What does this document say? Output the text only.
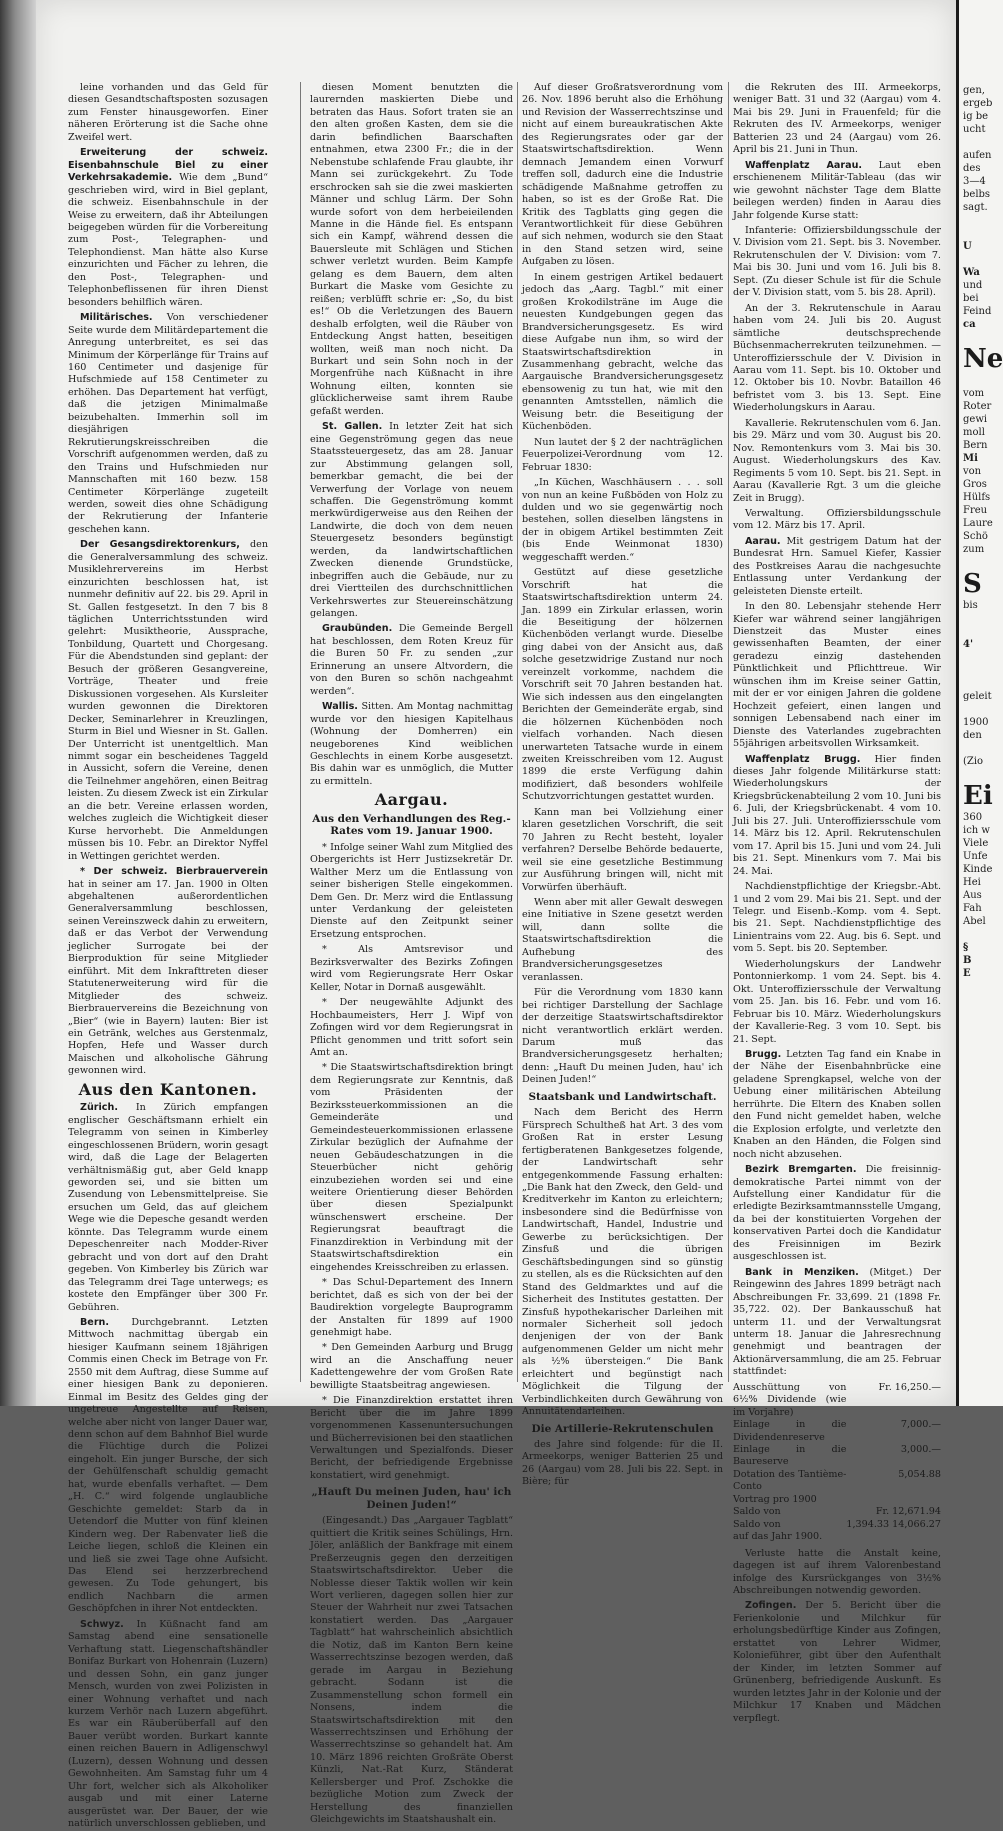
leine vorhanden und das Geld für diesen Gesandtschaftsposten sozusagen zum Fenster hinausgeworfen. Einer näheren Erörterung ist die Sache ohne Zweifel wert.

Erweiterung der schweiz. Eisenbahnschule Biel zu einer Verkehrsakademie. Wie dem „Bund“ geschrieben wird, wird in Biel geplant, die schweiz. Eisenbahnschule in der Weise zu erweitern, daß ihr Abteilungen beigegeben würden für die Vorbereitung zum Post-, Telegraphen- und Telephondienst. Man hätte also Kurse einzurichten und Fächer zu lehren, die den Post-, Telegraphen- und Telephonbeflissenen für ihren Dienst besonders behilflich wären.

Militärisches. Von verschiedener Seite wurde dem Militärdepartement die Anregung unterbreitet, es sei das Minimum der Körperlänge für Trains auf 160 Centimeter und dasjenige für Hufschmiede auf 158 Centimeter zu erhöhen. Das Departement hat verfügt, daß die jetzigen Minimalmaße beizubehalten. Immerhin soll im diesjährigen Rekrutierungskreisschreiben die Vorschrift aufgenommen werden, daß zu den Trains und Hufschmieden nur Mannschaften mit 160 bezw. 158 Centimeter Körperlänge zugeteilt werden, soweit dies ohne Schädigung der Rekrutierung der Infanterie geschehen kann.

Der Gesangsdirektorenkurs, den die Generalversammlung des schweiz. Musiklehrervereins im Herbst einzurichten beschlossen hat, ist nunmehr definitiv auf 22. bis 29. April in St. Gallen festgesetzt. In den 7 bis 8 täglichen Unterrichtsstunden wird gelehrt: Musiktheorie, Aussprache, Tonbildung, Quartett und Chorgesang. Für die Abendstunden sind geplant: der Besuch der größeren Gesangvereine, Vorträge, Theater und freie Diskussionen vorgesehen. Als Kursleiter wurden gewonnen die Direktoren Decker, Seminarlehrer in Kreuzlingen, Sturm in Biel und Wiesner in St. Gallen. Der Unterricht ist unentgeltlich. Man nimmt sogar ein bescheidenes Taggeld in Aussicht, sofern die Vereine, denen die Teilnehmer angehören, einen Beitrag leisten. Zu diesem Zweck ist ein Zirkular an die betr. Vereine erlassen worden, welches zugleich die Wichtigkeit dieser Kurse hervorhebt. Die Anmeldungen müssen bis 10. Febr. an Direktor Nyffel in Wettingen gerichtet werden.

* Der schweiz. Bierbrauerverein hat in seiner am 17. Jan. 1900 in Olten abgehaltenen außerordentlichen Generalversammlung beschlossen, seinen Vereinszweck dahin zu erweitern, daß er das Verbot der Verwendung jeglicher Surrogate bei der Bierproduktion für seine Mitglieder einführt. Mit dem Inkrafttreten dieser Statutenerweiterung wird für die Mitglieder des schweiz. Bierbrauervereins die Bezeichnung von „Bier“ (wie in Bayern) lauten: Bier ist ein Getränk, welches aus Gerstenmalz, Hopfen, Hefe und Wasser durch Maischen und alkoholische Gährung gewonnen wird.

Aus den Kantonen.

Zürich. In Zürich empfangen englischer Geschäftsmann erhielt ein Telegramm von seinen in Kimberley eingeschlossenen Brüdern, worin gesagt wird, daß die Lage der Belagerten verhältnismäßig gut, aber Geld knapp geworden sei, und sie bitten um Zusendung von Lebensmittelpreise. Sie ersuchen um Geld, das auf gleichem Wege wie die Depesche gesandt werden könnte. Das Telegramm wurde einem Depeschenreiter nach Modder-River gebracht und von dort auf den Draht gegeben. Von Kimberley bis Zürich war das Telegramm drei Tage unterwegs; es kostete den Empfänger über 300 Fr. Gebühren.

Bern. Durchgebrannt. Letzten Mittwoch nachmittag übergab ein hiesiger Kaufmann seinem 18jährigen Commis einen Check im Betrage von Fr. 2550 mit dem Auftrag, diese Summe auf einer hiesigen Bank zu deponieren. Einmal im Besitz des Geldes ging der ungetreue Angestellte auf Reisen, welche aber nicht von langer Dauer war, denn schon auf dem Bahnhof Biel wurde die Flüchtige durch die Polizei eingeholt. Ein junger Bursche, der sich der Gehülfenschaft schuldig gemacht hat, wurde ebenfalls verhaftet. — Dem „H. C.“ wird folgende unglaubliche Geschichte gemeldet: Starb da in Uetendorf die Mutter von fünf kleinen Kindern weg. Der Rabenvater ließ die Leiche liegen, schloß die Kleinen ein und ließ sie zwei Tage ohne Aufsicht. Das Elend sei herzzerbrechend gewesen. Zu Tode gehungert, bis endlich Nachbarn die armen Geschöpfchen in ihrer Not entdeckten.

Schwyz. In Küßnacht fand am Samstag abend eine sensationelle Verhaftung statt. Liegenschaftshändler Bonifaz Burkart von Hohenrain (Luzern) und dessen Sohn, ein ganz junger Mensch, wurden von zwei Polizisten in einer Wohnung verhaftet und nach kurzem Verhör nach Luzern abgeführt. Es war ein Räuberüberfall auf den Bauer verübt worden. Burkart kannte einen reichen Bauern in Adligenschwyl (Luzern), dessen Wohnung und dessen Gewohnheiten. Am Samstag fuhr um 4 Uhr fort, welcher sich als Alkoholiker ausgab und mit einer Laterne ausgerüstet war. Der Bauer, der wie natürlich unverschlossen geblieben, und

diesen Moment benutzten die laurernden maskierten Diebe und betraten das Haus. Sofort traten sie an den alten großen Kasten, dem sie die darin befindlichen Baarschaften entnahmen, etwa 2300 Fr.; die in der Nebenstube schlafende Frau glaubte, ihr Mann sei zurückgekehrt. Zu Tode erschrocken sah sie die zwei maskierten Männer und schlug Lärm. Der Sohn wurde sofort von dem herbeieilenden Manne in die Hände fiel. Es entspann sich ein Kampf, während dessen die Bauersleute mit Schlägen und Stichen schwer verletzt wurden. Beim Kampfe gelang es dem Bauern, dem alten Burkart die Maske vom Gesichte zu reißen; verblüfft schrie er: „So, du bist es!“ Ob die Verletzungen des Bauern deshalb erfolgten, weil die Räuber von Entdeckung Angst hatten, beseitigen wollten, weiß man noch nicht. Da Burkart und sein Sohn noch in der Morgenfrühe nach Küßnacht in ihre Wohnung eilten, konnten sie glücklicherweise samt ihrem Raube gefaßt werden.

St. Gallen. In letzter Zeit hat sich eine Gegenströmung gegen das neue Staatssteuergesetz, das am 28. Januar zur Abstimmung gelangen soll, bemerkbar gemacht, die bei der Verwerfung der Vorlage von neuem schaffen. Die Gegenströmung kommt merkwürdigerweise aus den Reihen der Landwirte, die doch von dem neuen Steuergesetz besonders begünstigt werden, da landwirtschaftlichen Zwecken dienende Grundstücke, inbegriffen auch die Gebäude, nur zu drei Viertteilen des durchschnittlichen Verkehrswertes zur Steuereinschätzung gelangen.

Graubünden. Die Gemeinde Bergell hat beschlossen, dem Roten Kreuz für die Buren 50 Fr. zu senden „zur Erinnerung an unsere Altvordern, die von den Buren so schön nachgeahmt werden“.

Wallis. Sitten. Am Montag nachmittag wurde vor den hiesigen Kapitelhaus (Wohnung der Domherren) ein neugeborenes Kind weiblichen Geschlechts in einem Korbe ausgesetzt. Bis dahin war es unmöglich, die Mutter zu ermitteln.

Aargau.
Aus den Verhandlungen des Reg.-Rates vom 19. Januar 1900.

* Infolge seiner Wahl zum Mitglied des Obergerichts ist Herr Justizsekretär Dr. Walther Merz um die Entlassung von seiner bisherigen Stelle eingekommen. Dem Gen. Dr. Merz wird die Entlassung unter Verdankung der geleisteten Dienste auf den Zeitpunkt seiner Ersetzung entsprochen.

* Als Amtsrevisor und Bezirksverwalter des Bezirks Zofingen wird vom Regierungsrate Herr Oskar Keller, Notar in Dornaß ausgewählt.

* Der neugewählte Adjunkt des Hochbaumeisters, Herr J. Wipf von Zofingen wird vor dem Regierungsrat in Pflicht genommen und tritt sofort sein Amt an.

* Die Staatswirtschaftsdirektion bringt dem Regierungsrate zur Kenntnis, daß vom Präsidenten der Bezirkssteuerkommissionen an die Gemeinderäte und Gemeindesteuerkommissionen erlassene Zirkular bezüglich der Aufnahme der neuen Gebäudeschatzungen in die Steuerbücher nicht gehörig einzubeziehen worden sei und eine weitere Orientierung dieser Behörden über diesen Spezialpunkt wünschenswert erscheine. Der Regierungsrat beauftragt die Finanzdirektion in Verbindung mit der Staatswirtschaftsdirektion ein eingehendes Kreisschreiben zu erlassen.

* Das Schul-Departement des Innern berichtet, daß es sich von der bei der Baudirektion vorgelegte Bauprogramm der Anstalten für 1899 auf 1900 genehmigt habe.

* Den Gemeinden Aarburg und Brugg wird an die Anschaffung neuer Kadettengewehre der vom Großen Rate bewilligte Staatsbeitrag angewiesen.

* Die Finanzdirektion erstattet ihren Bericht über die im Jahre 1899 vorgenommenen Kassenuntersuchungen und Bücherrevisionen bei den staatlichen Verwaltungen und Spezialfonds. Dieser Bericht, der befriedigende Ergebnisse konstatiert, wird genehmigt.

„Hauft Du meinen Juden, hau' ich Deinen Juden!“

(Eingesandt.) Das „Aargauer Tagblatt“ quittiert die Kritik seines Schülings, Hrn. Jöler, anläßlich der Bankfrage mit einem Preßerzeugnis gegen den derzeitigen Staatswirtschaftsdirektor. Ueber die Noblesse dieser Taktik wollen wir kein Wort verlieren, dagegen sollen hier zur Steuer der Wahrheit nur zwei Tatsachen konstatiert werden. Das „Aargauer Tagblatt“ hat wahrscheinlich absichtlich die Notiz, daß im Kanton Bern keine Wasserrechtszinse bezogen werden, daß gerade im Aargau in Beziehung gebracht. Sodann ist die Zusammenstellung schon formell ein Nonsens, indem die Staatswirtschaftsdirektion mit den Wasserrechtszinsen und Erhöhung der Wasserrechtszinse so gehandelt hat. Am 10. März 1896 reichten Großräte Oberst Künzli, Nat.-Rat Kurz, Ständerat Kellersberger und Prof. Zschokke die bezügliche Motion zum Zweck der Herstellung des finanziellen Gleichgewichts im Staatshaushalt ein.

Auf dieser Großratsverordnung vom 26. Nov. 1896 beruht also die Erhöhung und Revision der Wasserrechtszinse und nicht auf einem bureaukratischen Akte des Regierungsrates oder gar der Staatswirtschaftsdirektion. Wenn demnach Jemandem einen Vorwurf treffen soll, dadurch eine die Industrie schädigende Maßnahme getroffen zu haben, so ist es der Große Rat. Die Kritik des Tagblatts ging gegen die Verantwortlichkeit für diese Gebühren auf sich nehmen, wodurch sie den Staat in den Stand setzen wird, seine Aufgaben zu lösen.

In einem gestrigen Artikel bedauert jedoch das „Aarg. Tagbl.“ mit einer großen Krokodilsträne im Auge die neuesten Kundgebungen gegen das Brandversicherungsgesetz. Es wird diese Aufgabe nun ihm, so wird der Staatswirtschaftsdirektion in Zusammenhang gebracht, welche das Aargauische Brandversicherungsgesetz ebensowenig zu tun hat, wie mit den genannten Amtsstellen, nämlich die Weisung betr. die Beseitigung der Küchenböden.

Nun lautet der § 2 der nachträglichen Feuerpolizei-Verordnung vom 12. Februar 1830:

„In Küchen, Waschhäusern . . . soll von nun an keine Fußböden von Holz zu dulden und wo sie gegenwärtig noch bestehen, sollen dieselben längstens in der in obigem Artikel bestimmten Zeit (bis Ende Weinmonat 1830) weggeschafft werden.“

Gestützt auf diese gesetzliche Vorschrift hat die Staatswirtschaftsdirektion unterm 24. Jan. 1899 ein Zirkular erlassen, worin die Beseitigung der hölzernen Küchenböden verlangt wurde. Dieselbe ging dabei von der Ansicht aus, daß solche gesetzwidrige Zustand nur noch vereinzelt vorkomme, nachdem die Vorschrift seit 70 Jahren bestanden hat. Wie sich indessen aus den eingelangten Berichten der Gemeinderäte ergab, sind die hölzernen Küchenböden noch vielfach vorhanden. Nach diesen unerwarteten Tatsache wurde in einem zweiten Kreisschreiben vom 12. August 1899 die erste Verfügung dahin modifiziert, daß besonders wohlfeile Schutzvorrichtungen gestattet wurden.

Kann man bei Vollziehung einer klaren gesetzlichen Vorschrift, die seit 70 Jahren zu Recht besteht, loyaler verfahren? Derselbe Behörde bedauerte, weil sie eine gesetzliche Bestimmung zur Ausführung bringen will, nicht mit Vorwürfen überhäuft.

Wenn aber mit aller Gewalt deswegen eine Initiative in Szene gesetzt werden will, dann sollte die Staatswirtschaftsdirektion die Aufhebung des Brandversicherungsgesetzes veranlassen.

Für die Verordnung vom 1830 kann bei richtiger Darstellung der Sachlage der derzeitige Staatswirtschaftsdirektor nicht verantwortlich erklärt werden. Darum muß das Brandversicherungsgesetz herhalten; denn: „Hauft Du meinen Juden, hau' ich Deinen Juden!“

Staatsbank und Landwirtschaft.

Nach dem Bericht des Herrn Fürsprech Schultheß hat Art. 3 des vom Großen Rat in erster Lesung fertigberatenen Bankgesetzes folgende, der Landwirtschaft sehr entgegenkommende Fassung erhalten: „Die Bank hat den Zweck, den Geld- und Kreditverkehr im Kanton zu erleichtern; insbesondere sind die Bedürfnisse von Landwirtschaft, Handel, Industrie und Gewerbe zu berücksichtigen. Der Zinsfuß und die übrigen Geschäftsbedingungen sind so günstig zu stellen, als es die Rücksichten auf den Stand des Geldmarktes und auf die Sicherheit des Institutes gestatten. Der Zinsfuß hypothekarischer Darleihen mit normaler Sicherheit soll jedoch denjenigen der von der Bank aufgenommenen Gelder um nicht mehr als ½% übersteigen.“ Die Bank erleichtert und begünstigt nach Möglichkeit die Tilgung der Verbindlichkeiten durch Gewährung von Annuitätendarleihen.

Die Artillerie-Rekrutenschulen

des Jahre sind folgende: für die II. Armeekorps, weniger Batterien 25 und 26 (Aargau) vom 28. Juli bis 22. Sept. in Bière; für

die Rekruten des III. Armeekorps, weniger Batt. 31 und 32 (Aargau) vom 4. Mai bis 29. Juni in Frauenfeld; für die Rekruten des IV. Armeekorps, weniger Batterien 23 und 24 (Aargau) vom 26. April bis 21. Juni in Thun.

Waffenplatz Aarau. Laut eben erschienenem Militär-Tableau (das wir wie gewohnt nächster Tage dem Blatte beilegen werden) finden in Aarau dies Jahr folgende Kurse statt:

Infanterie: Offiziersbildungsschule der V. Division vom 21. Sept. bis 3. November. Rekrutenschulen der V. Division: vom 7. Mai bis 30. Juni und vom 16. Juli bis 8. Sept. (Zu dieser Schule ist für die Schule der V. Division statt, vom 5. bis 28. April).

An der 3. Rekrutenschule in Aarau haben vom 24. Juli bis 20. August sämtliche deutschsprechende Büchsenmacherrekruten teilzunehmen. — Unteroffiziersschule der V. Division in Aarau vom 11. Sept. bis 10. Oktober und 12. Oktober bis 10. Novbr. Bataillon 46 befristet vom 3. bis 13. Sept. Eine Wiederholungskurs in Aarau.

Kavallerie. Rekrutenschulen vom 6. Jan. bis 29. März und vom 30. August bis 20. Nov. Remontenkurs vom 3. Mai bis 30. August. Wiederholungskurs des Kav. Regiments 5 vom 10. Sept. bis 21. Sept. in Aarau (Kavallerie Rgt. 3 um die gleiche Zeit in Brugg).

Verwaltung. Offiziersbildungsschule vom 12. März bis 17. April.

Aarau. Mit gestrigem Datum hat der Bundesrat Hrn. Samuel Kiefer, Kassier des Postkreises Aarau die nachgesuchte Entlassung unter Verdankung der geleisteten Dienste erteilt.

In den 80. Lebensjahr stehende Herr Kiefer war während seiner langjährigen Dienstzeit das Muster eines gewissenhaften Beamten, der einer geradezu einzig dastehenden Pünktlichkeit und Pflichttreue. Wir wünschen ihm im Kreise seiner Gattin, mit der er vor einigen Jahren die goldene Hochzeit gefeiert, einen langen und sonnigen Lebensabend nach einer im Dienste des Vaterlandes zugebrachten 55jährigen arbeitsvollen Wirksamkeit.

Waffenplatz Brugg. Hier finden dieses Jahr folgende Militärkurse statt: Wiederholungskurs der Kriegsbrückenabteilung 2 vom 10. Juni bis 6. Juli, der Kriegsbrückenabt. 4 vom 10. Juli bis 27. Juli. Unteroffiziersschule vom 14. März bis 12. April. Rekrutenschulen vom 17. April bis 15. Juni und vom 24. Juli bis 21. Sept. Minenkurs vom 7. Mai bis 24. Mai.

Nachdienstpflichtige der Kriegsbr.-Abt. 1 und 2 vom 29. Mai bis 21. Sept. und der Telegr. und Eisenb.-Komp. vom 4. Sept. bis 21. Sept. Nachdienstpflichtige des Linientrains vom 22. Aug. bis 6. Sept. und vom 5. Sept. bis 20. September.

Wiederholungskurs der Landwehr Pontonnierkomp. 1 vom 24. Sept. bis 4. Okt. Unteroffiziersschule der Verwaltung vom 25. Jan. bis 16. Febr. und vom 16. Februar bis 10. März. Wiederholungskurs der Kavallerie-Reg. 3 vom 10. Sept. bis 21. Sept.

Brugg. Letzten Tag fand ein Knabe in der Nähe der Eisenbahnbrücke eine geladene Sprengkapsel, welche von der Uebung einer militärischen Abteilung herrührte. Die Eltern des Knaben sollen den Fund nicht gemeldet haben, welche die Explosion erfolgte, und verletzte den Knaben an den Händen, die Folgen sind noch nicht abzusehen.

Bezirk Bremgarten. Die freisinnig-demokratische Partei nimmt von der Aufstellung einer Kandidatur für die erledigte Bezirksamtmannsstelle Umgang, da bei der konstituierten Vorgehen der konservativen Partei doch die Kandidatur des Freisinnigen im Bezirk ausgeschlossen ist.

Bank in Menziken. (Mitget.) Der Reingewinn des Jahres 1899 beträgt nach Abschreibungen Fr. 33,699. 21 (1898 Fr. 35,722. 02). Der Bankausschuß hat unterm 11. und der Verwaltungsrat unterm 18. Januar die Jahresrechnung genehmigt und beantragen der Aktionärversammlung, die am 25. Februar stattfindet:

Ausschüttung von 6½% Dividende (wie im Vorjahre)	Fr. 16,250.—
Einlage in die Dividendenreserve	7,000.—
Einlage in die Baureserve	3,000.—
Dotation des Tantième-Conto	5,054.88
Vortrag pro 1900	
Saldo von	Fr. 12,671.94
Saldo von	1,394.33 14,066.27
auf das Jahr 1900.	

Verluste hatte die Anstalt keine, dagegen ist auf ihrem Valorenbestand infolge des Kursrückganges von 3½% Abschreibungen notwendig geworden.

Zofingen. Der 5. Bericht über die Ferienkolonie und Milchkur für erholungsbedürftige Kinder aus Zofingen, erstattet von Lehrer Widmer, Kolonieführer, gibt über den Aufenthalt der Kinder, im letzten Sommer auf Grünenberg, befriedigende Auskunft. Es wurden letztes Jahr in der Kolonie und der Milchkur 17 Knaben und Mädchen verpflegt.

gen,
ergeb
ig be
ucht

aufen
des
3—4
belbs
sagt.

U

Wa
und
bei
Feind
ca

Ne

vom
Roter
gewi
moll
Bern
Mi
von
Gros
Hülfs
Freu
Laure
Schö
zum

S
bis

4'

geleit

1900
den

(Zio

Ei
360
ich w
Viele
Unfe
Kinde
Hei
Aus
Fah
Abel

§
B
E
